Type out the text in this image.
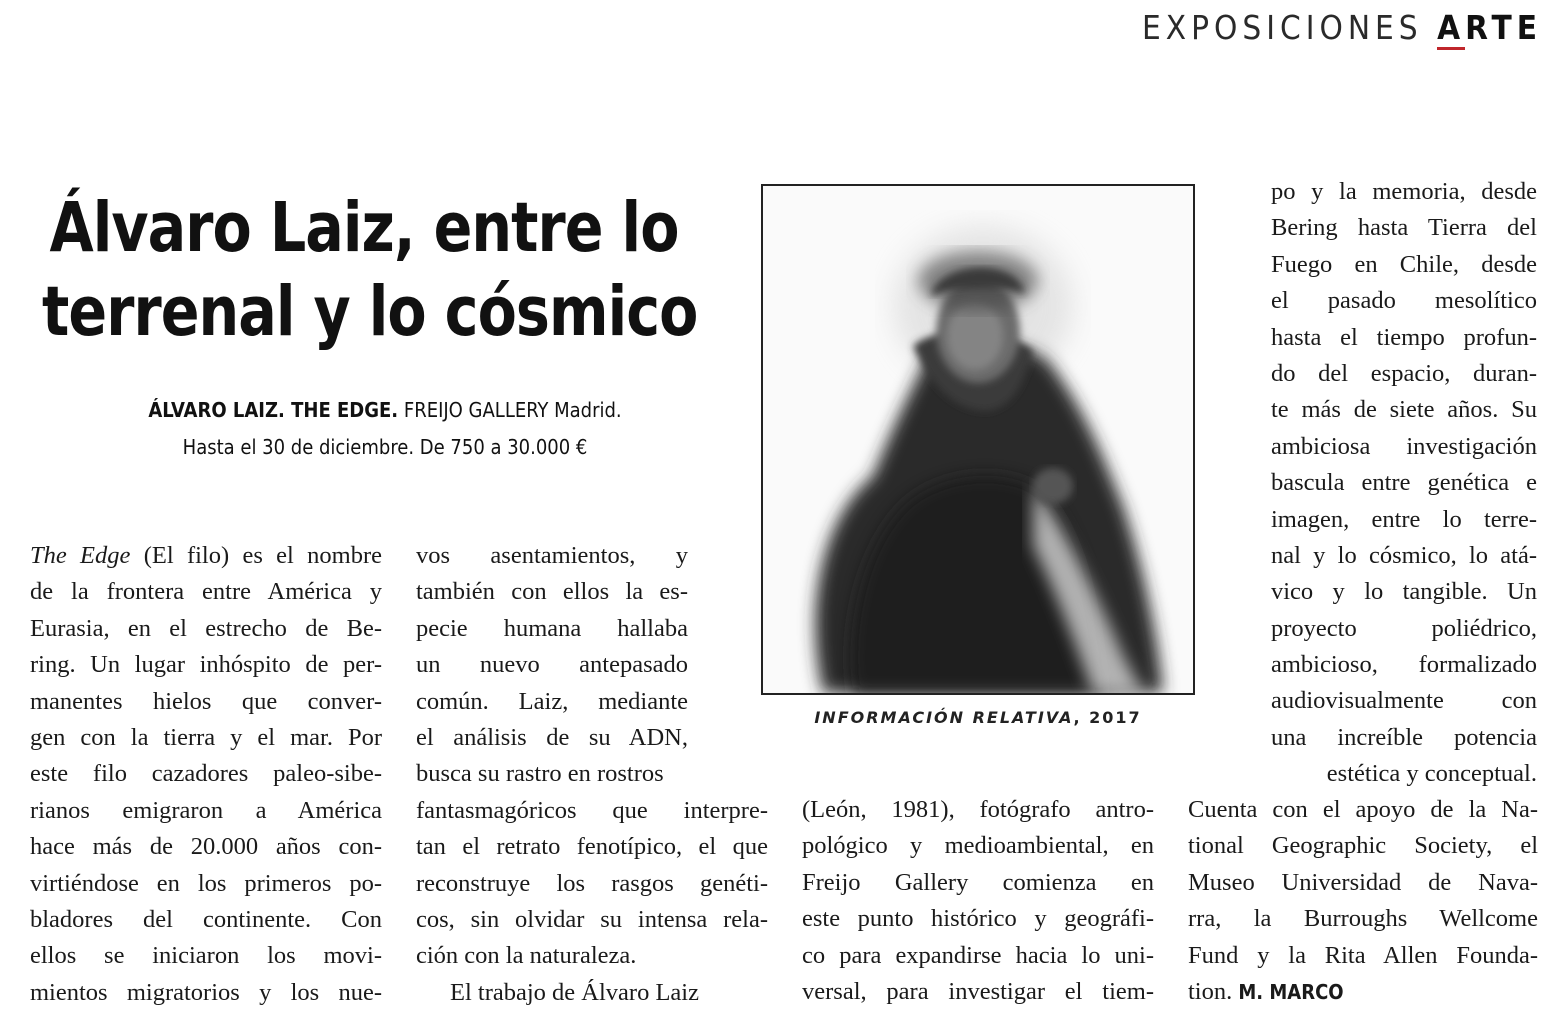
EXPOSICIONES ARTE
Álvaro Laiz, entre lo
terrenal y lo cósmico
ÁLVARO LAIZ. THE EDGE. FREIJO GALLERY Madrid.
Hasta el 30 de diciembre. De 750 a 30.000 €
INFORMACIÓN RELATIVA, 2017
The Edge (El filo) es el nombre
de la frontera entre América y
Eurasia, en el estrecho de Be-
ring. Un lugar inhóspito de per-
manentes hielos que conver-
gen con la tierra y el mar. Por
este filo cazadores paleo-sibe-
rianos emigraron a América
hace más de 20.000 años con-
virtiéndose en los primeros po-
bladores del continente. Con
ellos se iniciaron los movi-
mientos migratorios y los nue-
vos asentamientos, y
también con ellos la es-
pecie humana hallaba
un nuevo antepasado
común. Laiz, mediante
el análisis de su ADN,
busca su rastro en rostros
fantasmagóricos que interpre-
tan el retrato fenotípico, el que
reconstruye los rasgos genéti-
cos, sin olvidar su intensa rela-
ción con la naturaleza.
El trabajo de Álvaro Laiz
(León, 1981), fotógrafo antro-
pológico y medioambiental, en
Freijo Gallery comienza en
este punto histórico y geográfi-
co para expandirse hacia lo uni-
versal, para investigar el tiem-
po y la memoria, desde
Bering hasta Tierra del
Fuego en Chile, desde
el pasado mesolítico
hasta el tiempo profun-
do del espacio, duran-
te más de siete años. Su
ambiciosa investigación
bascula entre genética e
imagen, entre lo terre-
nal y lo cósmico, lo atá-
vico y lo tangible. Un
proyecto poliédrico,
ambicioso, formalizado
audiovisualmente con
una increíble potencia
estética y conceptual.
Cuenta con el apoyo de la Na-
tional Geographic Society, el
Museo Universidad de Nava-
rra, la Burroughs Wellcome
Fund y la Rita Allen Founda-
tion. M. MARCO
